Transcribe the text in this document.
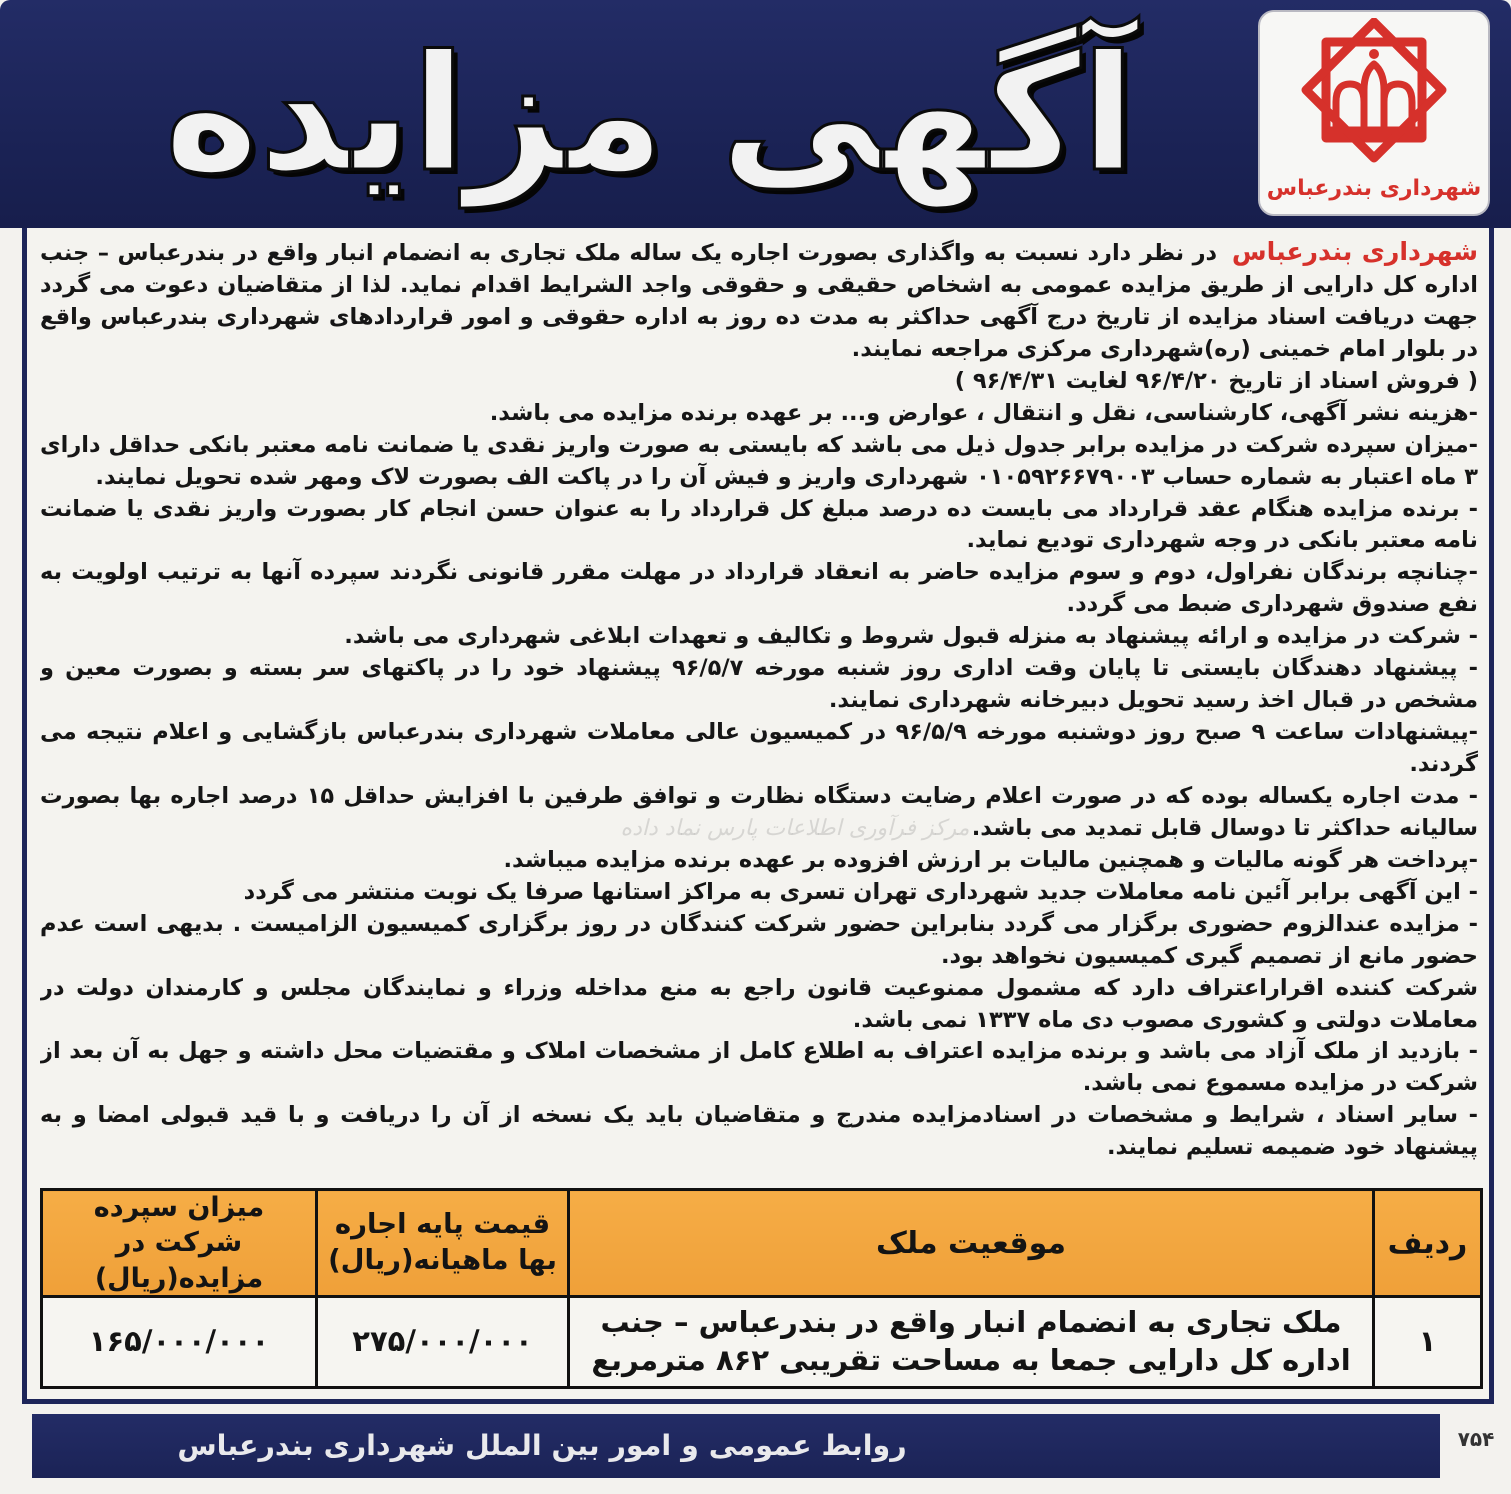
آگهی مزایده	شهرداری بندرعباس
مرکز فرآوری اطلاعات پارس نماد داده

شهرداری بندرعباس در نظر دارد نسبت به واگذاری بصورت اجاره یک ساله ملک تجاری به انضمام انبار واقع در بندرعباس – جنب اداره کل دارایی از طریق مزایده عمومی به اشخاص حقیقی و حقوقی واجد الشرایط اقدام نماید. لذا از متقاضیان دعوت می گردد جهت دریافت اسناد مزایده از تاریخ درج آگهی حداکثر به مدت ده روز به اداره حقوقی و امور قراردادهای شهرداری بندرعباس واقع در بلوار امام خمینی (ره)شهرداری مرکزی مراجعه نمایند.

( فروش اسناد از تاریخ ۹۶/۴/۲۰ لغایت ۹۶/۴/۳۱ )

-هزینه نشر آگهی، کارشناسی، نقل و انتقال ، عوارض و... بر عهده برنده مزایده می باشد.

-میزان سپرده شرکت در مزایده برابر جدول ذیل می باشد که بایستی به صورت واریز نقدی یا ضمانت نامه معتبر بانکی حداقل دارای ۳ ماه اعتبار به شماره حساب ۰۱۰۵۹۲۶۶۷۹۰۰۳ شهرداری واریز و فیش آن را در پاکت الف بصورت لاک ومهر شده تحویل نمایند.

- برنده مزایده هنگام عقد قرارداد می بایست ده درصد مبلغ کل قرارداد را به عنوان حسن انجام کار بصورت واریز نقدی یا ضمانت نامه معتبر بانکی در وجه شهرداری تودیع نماید.

-چنانچه برندگان نفراول، دوم و سوم مزایده حاضر به انعقاد قرارداد در مهلت مقرر قانونی نگردند سپرده آنها به ترتیب اولویت به نفع صندوق شهرداری ضبط می گردد.

- شرکت در مزایده و ارائه پیشنهاد به منزله قبول شروط و تکالیف و تعهدات ابلاغی شهرداری می باشد.

- پیشنهاد دهندگان بایستی تا پایان وقت اداری روز شنبه مورخه ۹۶/۵/۷ پیشنهاد خود را در پاکتهای سر بسته و بصورت معین و مشخص در قبال اخذ رسید تحویل دبیرخانه شهرداری نمایند.

-پیشنهادات ساعت ۹ صبح روز دوشنبه مورخه ۹۶/۵/۹ در کمیسیون عالی معاملات شهرداری بندرعباس بازگشایی و اعلام نتیجه می گردند.

- مدت اجاره یکساله بوده که در صورت اعلام رضایت دستگاه نظارت و توافق طرفین با افزایش حداقل ۱۵ درصد اجاره بها بصورت سالیانه حداکثر تا دوسال قابل تمدید می باشد.

-پرداخت هر گونه مالیات و همچنین مالیات بر ارزش افزوده بر عهده برنده مزایده میباشد.

- این آگهی برابر آئین نامه معاملات جدید شهرداری تهران تسری به مراکز استانها صرفا یک نوبت منتشر می گردد

- مزایده عندالزوم حضوری برگزار می گردد بنابراین حضور شرکت کنندگان در روز برگزاری کمیسیون الزامیست . بدیهی است عدم حضور مانع از تصمیم گیری کمیسیون نخواهد بود.

شرکت کننده اقراراعتراف دارد که مشمول ممنوعیت قانون راجع به منع مداخله وزراء و نمایندگان مجلس و کارمندان دولت در معاملات دولتی و کشوری مصوب دی ماه ۱۳۳۷ نمی باشد.

- بازدید از ملک آزاد می باشد و برنده مزایده اعتراف به اطلاع کامل از مشخصات املاک و مقتضیات محل داشته و جهل به آن بعد از شرکت در مزایده مسموع نمی باشد.

- سایر اسناد ، شرایط و مشخصات در اسنادمزایده مندرج و متقاضیان باید یک نسخه از آن را دریافت و با قید قبولی امضا و به پیشنهاد خود ضمیمه تسلیم نمایند.

ردیف	موقعیت ملک	قیمت پایه اجاره بها ماهیانه(ریال)	میزان سپرده شرکت در مزایده(ریال)

۱	ملک تجاری به انضمام انبار واقع در بندرعباس – جنب اداره کل دارایی جمعا به مساحت تقریبی ۸۶۲ مترمربع	۲۷۵/۰۰۰/۰۰۰	۱۶۵/۰۰۰/۰۰۰
روابط عمومی و امور بین الملل شهرداری بندرعباس	۷۵۴
